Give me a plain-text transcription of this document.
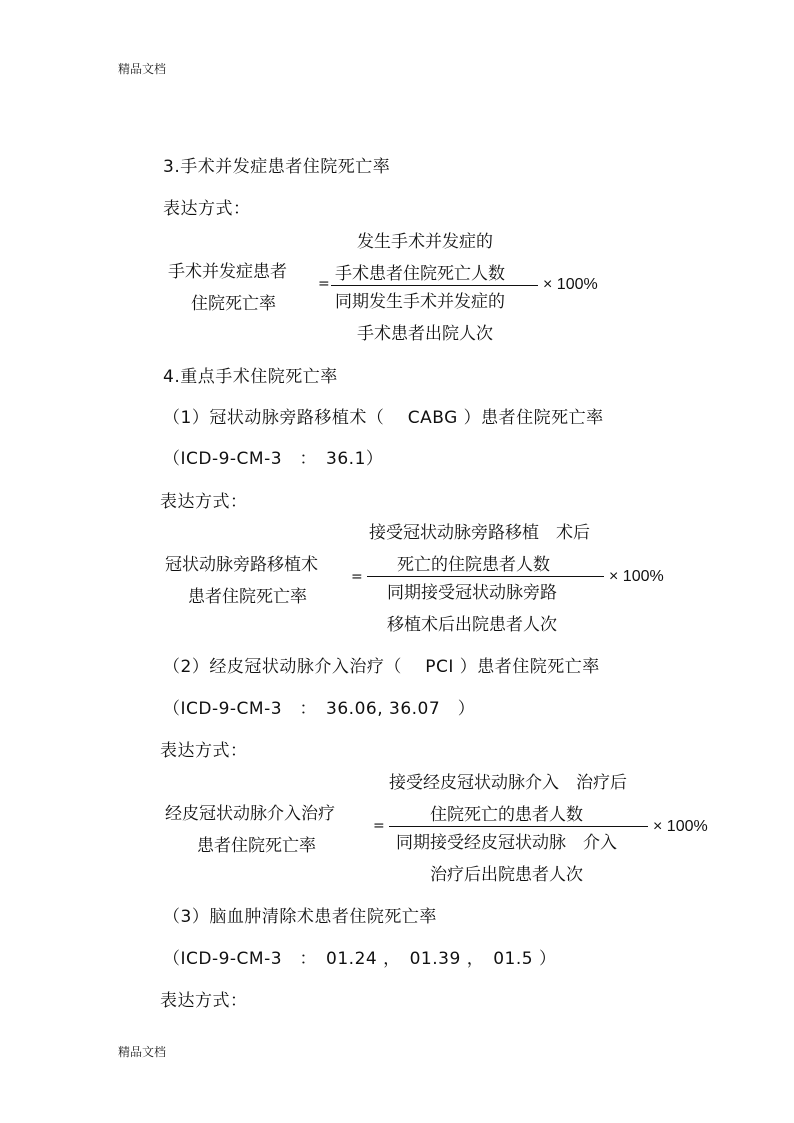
精品文档
3.手术并发症患者住院死亡率
表达方式：
手术并发症患者
住院死亡率
=
发生手术并发症的
手术患者住院死亡人数
同期发生手术并发症的
手术患者出院人次
× 100%
4.重点手术住院死亡率
（1）冠状动脉旁路移植术（　 CABG ）患者住院死亡率
（ICD-9-CM-3　：　36.1）
表达方式：
冠状动脉旁路移植术
患者住院死亡率
=
接受冠状动脉旁路移植　术后
死亡的住院患者人数
同期接受冠状动脉旁路
移植术后出院患者人次
× 100%
（2）经皮冠状动脉介入治疗（　 PCI ）患者住院死亡率
（ICD-9-CM-3　：　36.06, 36.07　）
表达方式：
经皮冠状动脉介入治疗
患者住院死亡率
=
接受经皮冠状动脉介入　治疗后
住院死亡的患者人数
同期接受经皮冠状动脉　介入
治疗后出院患者人次
× 100%
（3）脑血肿清除术患者住院死亡率
（ICD-9-CM-3　：　01.24 ，　01.39 ，　01.5 ）
表达方式：
精品文档
